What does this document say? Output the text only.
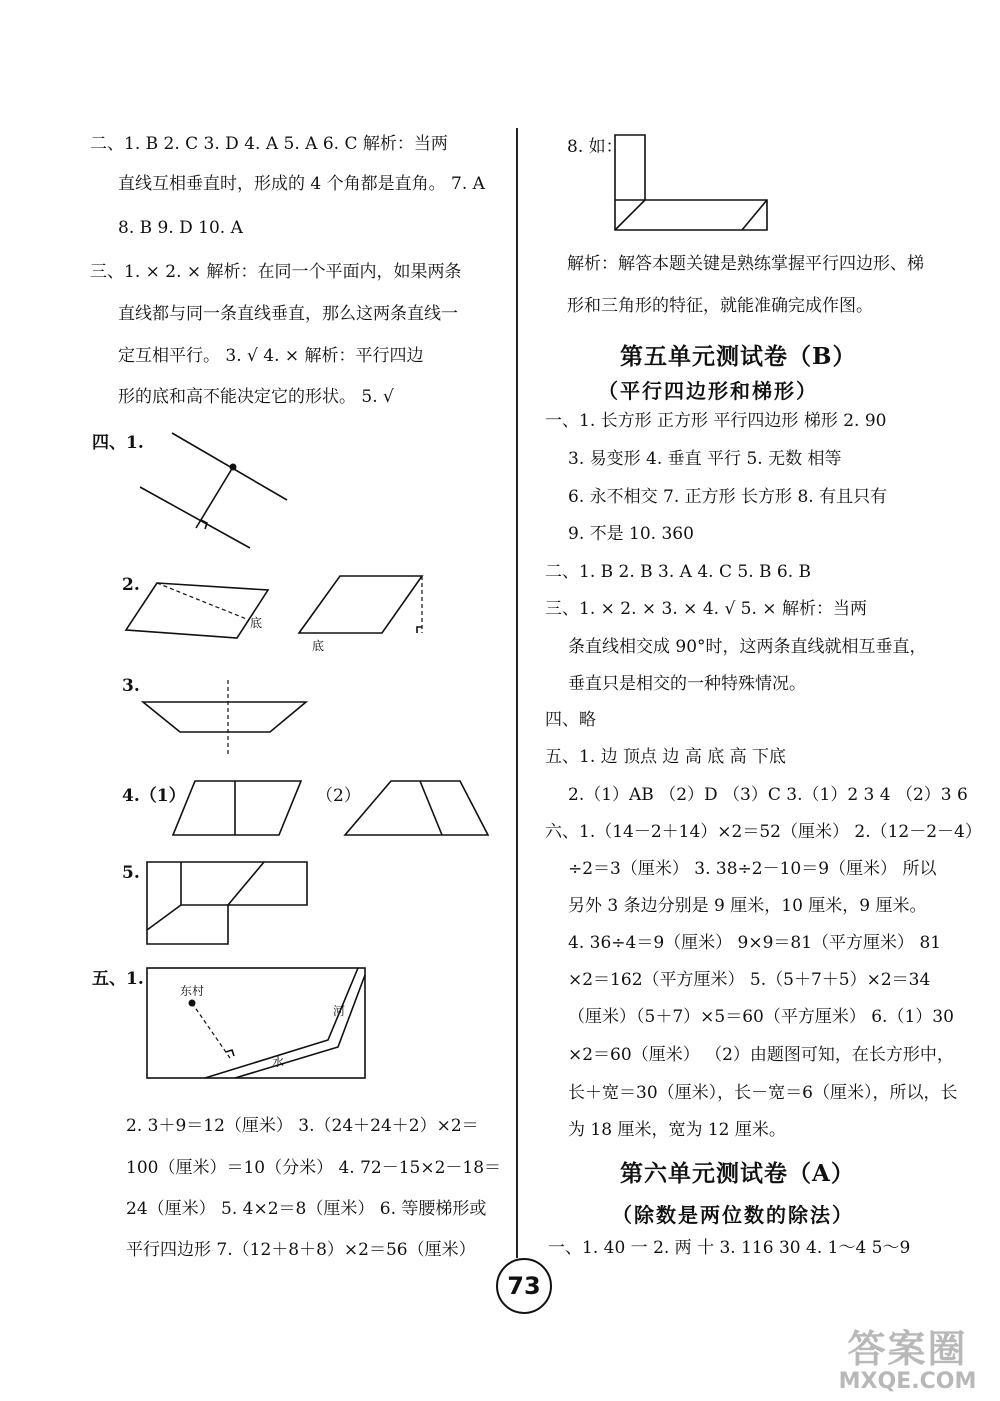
二、1. B 2. C 3. D 4. A 5. A 6. C 解析：当两
直线互相垂直时，形成的 4 个角都是直角。 7. A
8. B 9. D 10. A
三、1. × 2. × 解析：在同一个平面内，如果两条
直线都与同一条直线垂直，那么这两条直线一
定互相平行。 3. √ 4. × 解析：平行四边
形的底和高不能决定它的形状。 5. √
四、1.
底
底
东村
河
水
2.
3.
4.（1）	（2）
5.
五、1.
2. 3＋9＝12（厘米） 3.（24＋24＋2）×2＝
100（厘米）＝10（分米） 4. 72－15×2－18＝
24（厘米） 5. 4×2＝8（厘米） 6. 等腰梯形或
平行四边形 7.（12＋8＋8）×2＝56（厘米）
8. 如：
解析：解答本题关键是熟练掌握平行四边形、梯
形和三角形的特征，就能准确完成作图。
第五单元测试卷（B）
（平行四边形和梯形）
一、1. 长方形 正方形 平行四边形 梯形 2. 90
3. 易变形 4. 垂直 平行 5. 无数 相等
6. 永不相交 7. 正方形 长方形 8. 有且只有
9. 不是 10. 360
二、1. B 2. B 3. A 4. C 5. B 6. B
三、1. × 2. × 3. × 4. √ 5. × 解析：当两
条直线相交成 90°时，这两条直线就相互垂直，
垂直只是相交的一种特殊情况。
四、略
五、1. 边 顶点 边 高 底 高 下底
2.（1）AB （2）D （3）C 3.（1）2 3 4 （2）3 6
六、1.（14－2＋14）×2＝52（厘米） 2.（12－2－4）
÷2＝3（厘米） 3. 38÷2－10＝9（厘米） 所以
另外 3 条边分别是 9 厘米，10 厘米，9 厘米。
4. 36÷4＝9（厘米） 9×9＝81（平方厘米） 81
×2＝162（平方厘米） 5.（5＋7＋5）×2＝34
（厘米）（5＋7）×5＝60（平方厘米） 6.（1）30
×2＝60（厘米） （2）由题图可知，在长方形中，
长＋宽＝30（厘米），长－宽＝6（厘米），所以，长
为 18 厘米，宽为 12 厘米。
第六单元测试卷（A）
（除数是两位数的除法）
一、1. 40 一 2. 两 十 3. 116 30 4. 1～4 5～9
73
答案圈
MXQE.COM
